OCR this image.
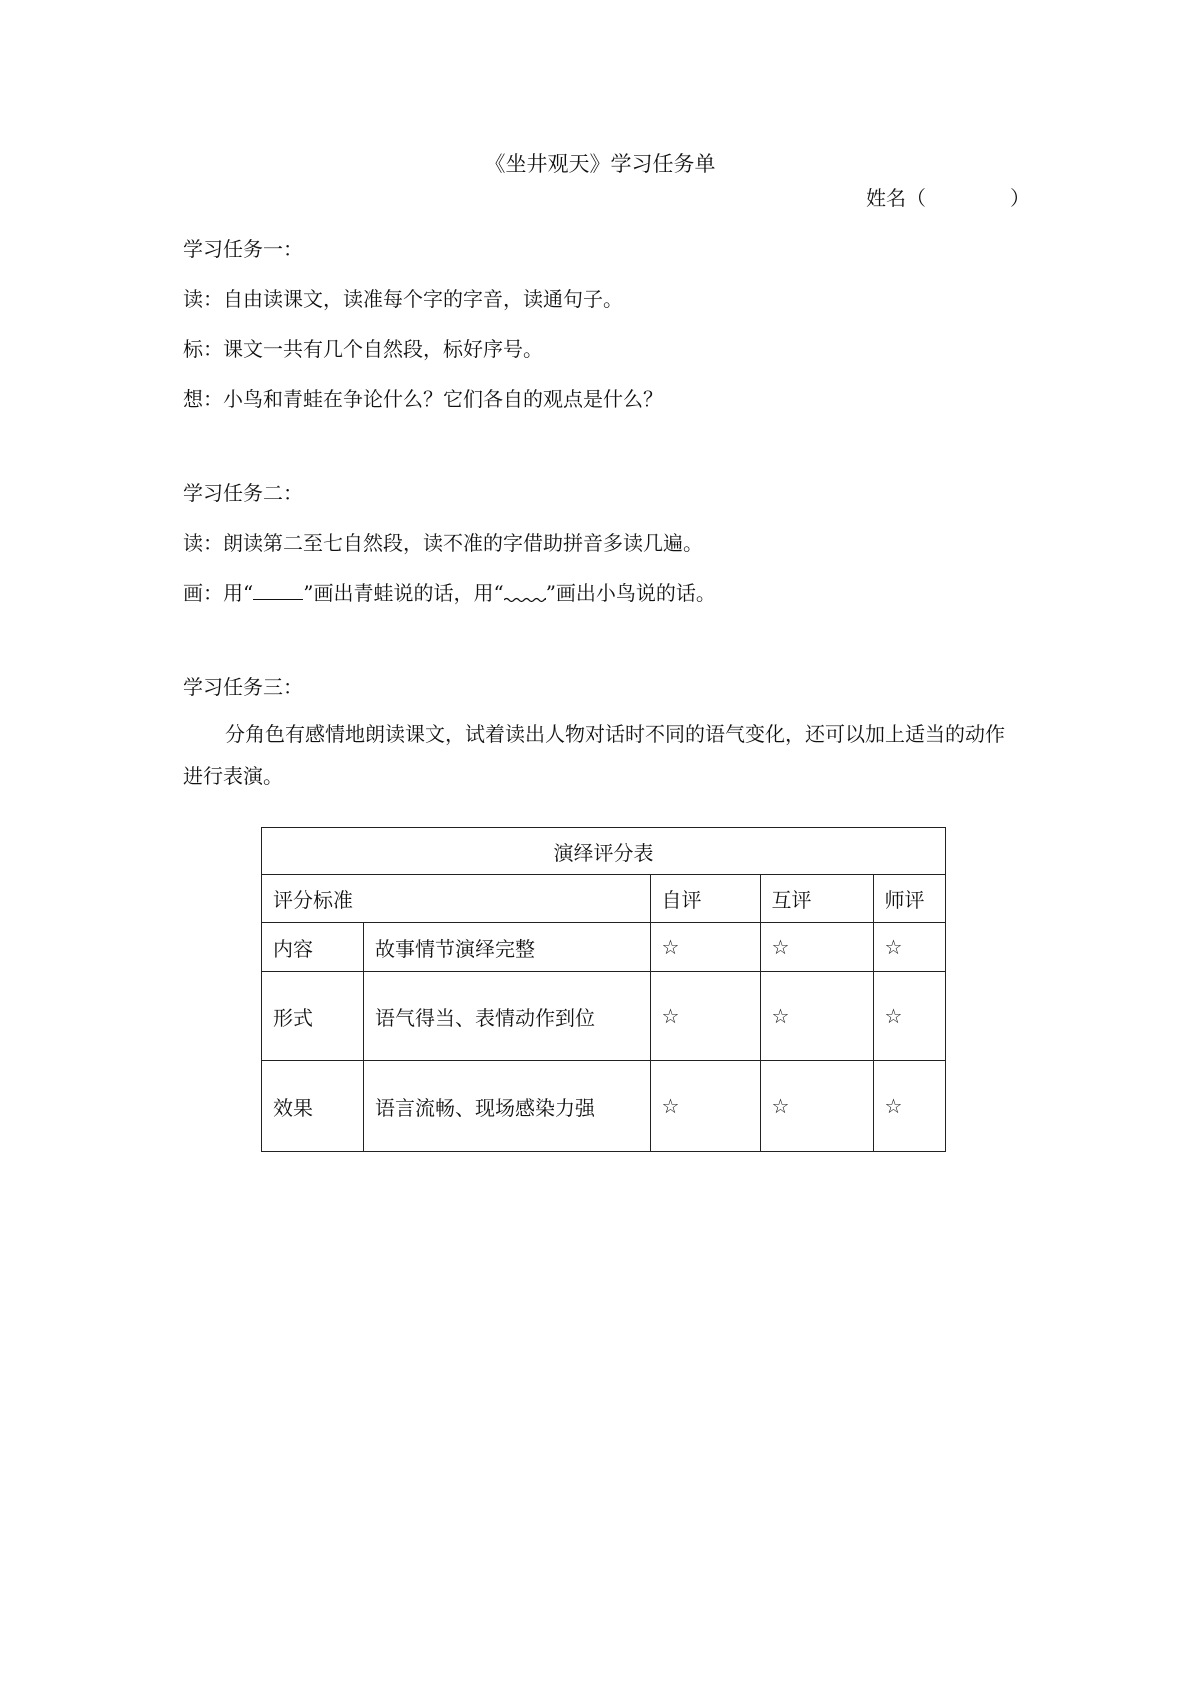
《坐井观天》学习任务单
姓名（	）
学习任务一：
读：自由读课文，读准每个字的字音，读通句子。
标：课文一共有几个自然段，标好序号。
想：小鸟和青蛙在争论什么？它们各自的观点是什么？
学习任务二：
读：朗读第二至七自然段，读不准的字借助拼音多读几遍。
画：用“	”画出青蛙说的话，用“ ”画出小鸟说的话。
学习任务三：
分角色有感情地朗读课文，试着读出人物对话时不同的语气变化，还可以加上适当的动作进行表演。
演绎评分表				
评分标准		自评	互评	师评
内容	故事情节演绎完整	☆	☆	☆
形式	语气得当、表情动作到位	☆	☆	☆
效果	语言流畅、现场感染力强	☆	☆	☆
